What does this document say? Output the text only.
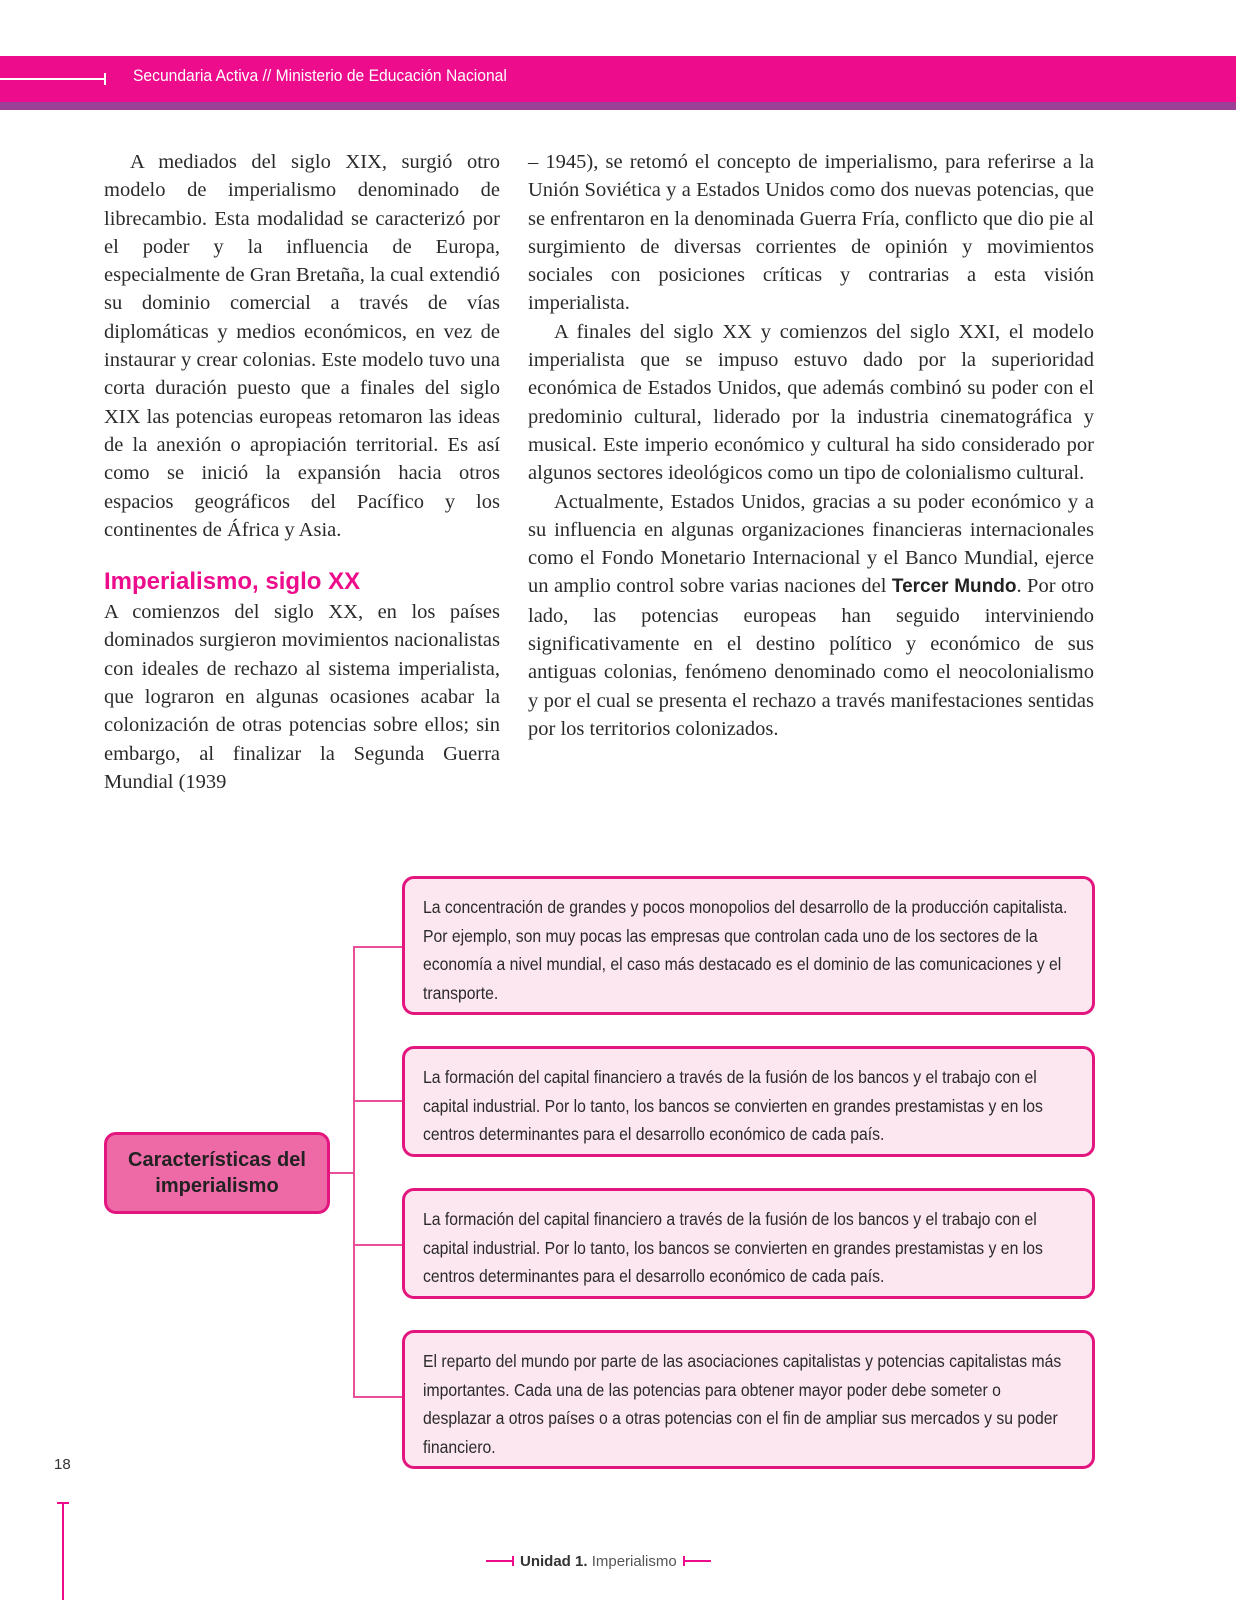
Secundaria Activa // Ministerio de Educación Nacional

A mediados del siglo XIX, surgió otro modelo de imperialismo denominado de librecambio. Esta modalidad se caracterizó por el poder y la influencia de Europa, especialmente de Gran Bretaña, la cual extendió su dominio comercial a través de vías diplomáticas y medios económicos, en vez de instaurar y crear colonias. Este modelo tuvo una corta duración puesto que a finales del siglo XIX las potencias europeas retomaron las ideas de la anexión o apropiación territorial. Es así como se inició la expansión hacia otros espacios geográficos del Pacífico y los continentes de África y Asia.

Imperialismo, siglo XX

A comienzos del siglo XX, en los países dominados surgieron movimientos nacionalistas con ideales de rechazo al sistema imperialista, que lograron en algunas ocasiones acabar la colonización de otras potencias sobre ellos; sin embargo, al finalizar la Segunda Guerra Mundial (1939

– 1945), se retomó el concepto de imperialismo, para referirse a la Unión Soviética y a Estados Unidos como dos nuevas potencias, que se enfrentaron en la denominada Guerra Fría, conflicto que dio pie al surgimiento de diversas corrientes de opinión y movimientos sociales con posiciones críticas y contrarias a esta visión imperialista.

A finales del siglo XX y comienzos del siglo XXI, el modelo imperialista que se impuso estuvo dado por la superioridad económica de Estados Unidos, que además combinó su poder con el predominio cultural, liderado por la industria cinematográfica y musical. Este imperio económico y cultural ha sido considerado por algunos sectores ideológicos como un tipo de colonialismo cultural.

Actualmente, Estados Unidos, gracias a su poder económico y a su influencia en algunas organizaciones financieras internacionales como el Fondo Monetario Internacional y el Banco Mundial, ejerce un amplio control sobre varias naciones del Tercer Mundo. Por otro lado, las potencias europeas han seguido interviniendo significativamente en el destino político y económico de sus antiguas colonias, fenómeno denominado como el neocolonialismo y por el cual se presenta el rechazo a través manifestaciones sentidas por los territorios colonizados.

Características del imperialismo
La concentración de grandes y pocos monopolios del desarrollo de la producción capitalista. Por ejemplo, son muy pocas las empresas que controlan cada uno de los sectores de la economía a nivel mundial, el caso más destacado es el dominio de las comunicaciones y el transporte.
La formación del capital financiero a través de la fusión de los bancos y el trabajo con el capital industrial. Por lo tanto, los bancos se convierten en grandes prestamistas y en los centros determinantes para el desarrollo económico de cada país.
La formación del capital financiero a través de la fusión de los bancos y el trabajo con el capital industrial. Por lo tanto, los bancos se convierten en grandes prestamistas y en los centros determinantes para el desarrollo económico de cada país.
El reparto del mundo por parte de las asociaciones capitalistas y potencias capitalistas más importantes. Cada una de las potencias para obtener mayor poder debe someter o desplazar a otros países o a otras potencias con el fin de ampliar sus mercados y su poder financiero.
18
Unidad 1. Imperialismo
